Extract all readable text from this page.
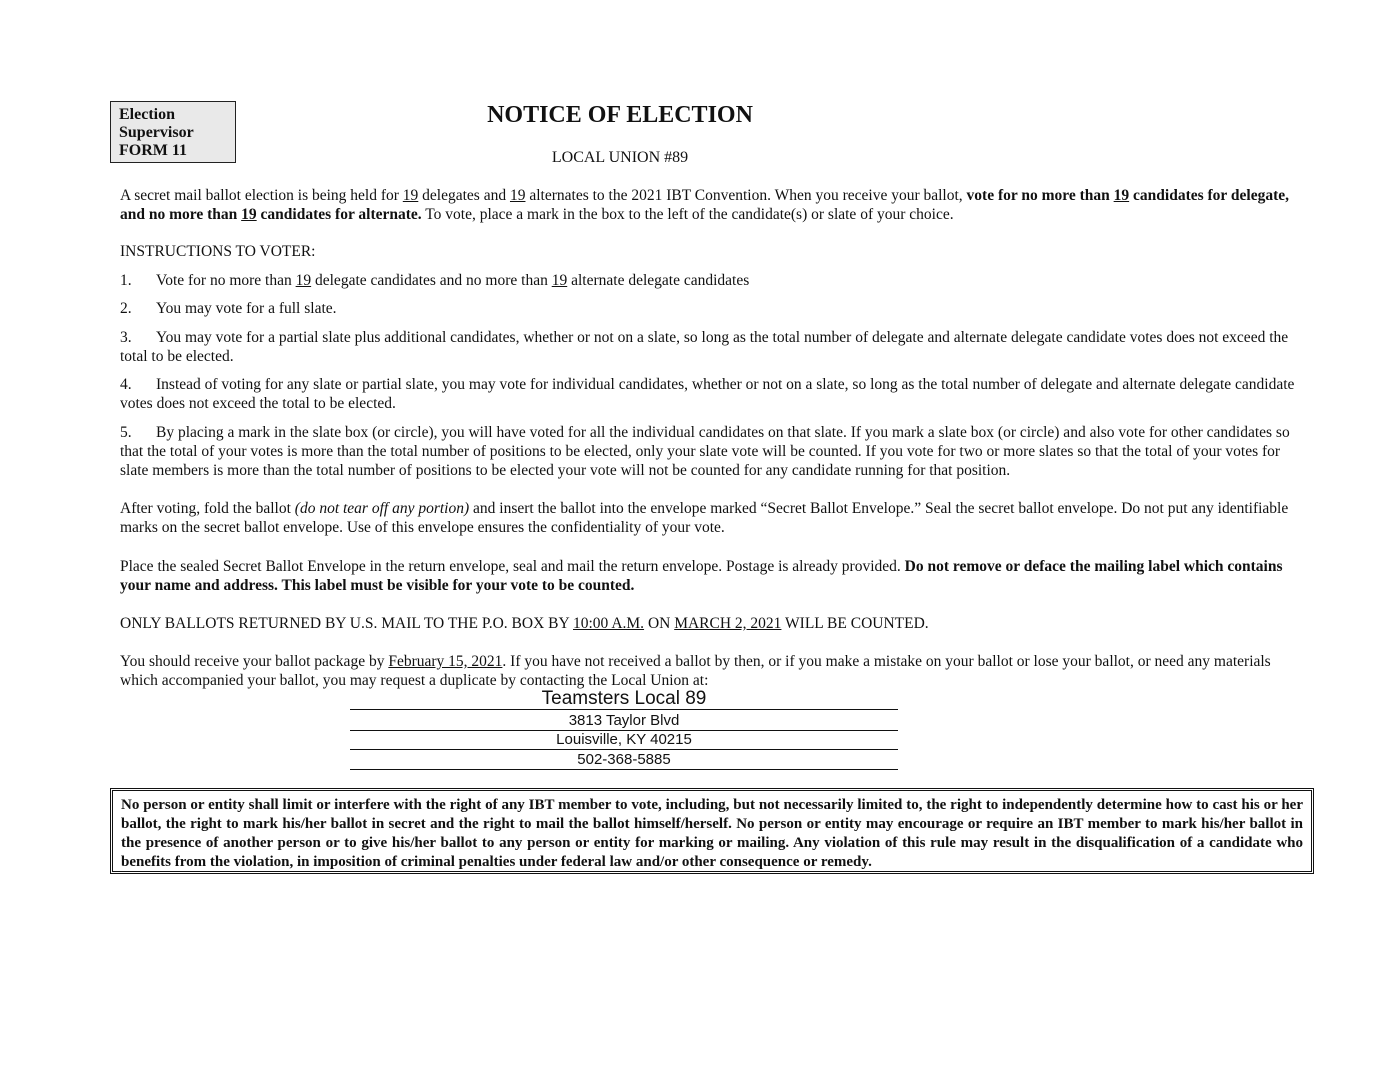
Election
Supervisor
FORM 11
NOTICE OF ELECTION
LOCAL UNION #89
A secret mail ballot election is being held for 19 delegates and 19 alternates to the 2021 IBT Convention. When you receive your ballot, vote for no more than 19 candidates for delegate, and no more than 19 candidates for alternate. To vote, place a mark in the box to the left of the candidate(s) or slate of your choice.
INSTRUCTIONS TO VOTER:
1. Vote for no more than 19 delegate candidates and no more than 19 alternate delegate candidates
2. You may vote for a full slate.
3. You may vote for a partial slate plus additional candidates, whether or not on a slate, so long as the total number of delegate and alternate delegate candidate votes does not exceed the total to be elected.
4. Instead of voting for any slate or partial slate, you may vote for individual candidates, whether or not on a slate, so long as the total number of delegate and alternate delegate candidate votes does not exceed the total to be elected.
5. By placing a mark in the slate box (or circle), you will have voted for all the individual candidates on that slate. If you mark a slate box (or circle) and also vote for other candidates so that the total of your votes is more than the total number of positions to be elected, only your slate vote will be counted. If you vote for two or more slates so that the total of your votes for slate members is more than the total number of positions to be elected your vote will not be counted for any candidate running for that position.
After voting, fold the ballot (do not tear off any portion) and insert the ballot into the envelope marked “Secret Ballot Envelope.” Seal the secret ballot envelope. Do not put any identifiable marks on the secret ballot envelope. Use of this envelope ensures the confidentiality of your vote.
Place the sealed Secret Ballot Envelope in the return envelope, seal and mail the return envelope. Postage is already provided. Do not remove or deface the mailing label which contains your name and address. This label must be visible for your vote to be counted.
ONLY BALLOTS RETURNED BY U.S. MAIL TO THE P.O. BOX BY 10:00 A.M. ON MARCH 2, 2021 WILL BE COUNTED.
You should receive your ballot package by February 15, 2021. If you have not received a ballot by then, or if you make a mistake on your ballot or lose your ballot, or need any materials which accompanied your ballot, you may request a duplicate by contacting the Local Union at:
Teamsters Local 89
3813 Taylor Blvd
Louisville, KY 40215
502-368-5885
No person or entity shall limit or interfere with the right of any IBT member to vote, including, but not necessarily limited to, the right to independently determine how to cast his or her ballot, the right to mark his/her ballot in secret and the right to mail the ballot himself/herself. No person or entity may encourage or require an IBT member to mark his/her ballot in the presence of another person or to give his/her ballot to any person or entity for marking or mailing. Any violation of this rule may result in the disqualification of a candidate who benefits from the violation, in imposition of criminal penalties under federal law and/or other consequence or remedy.
